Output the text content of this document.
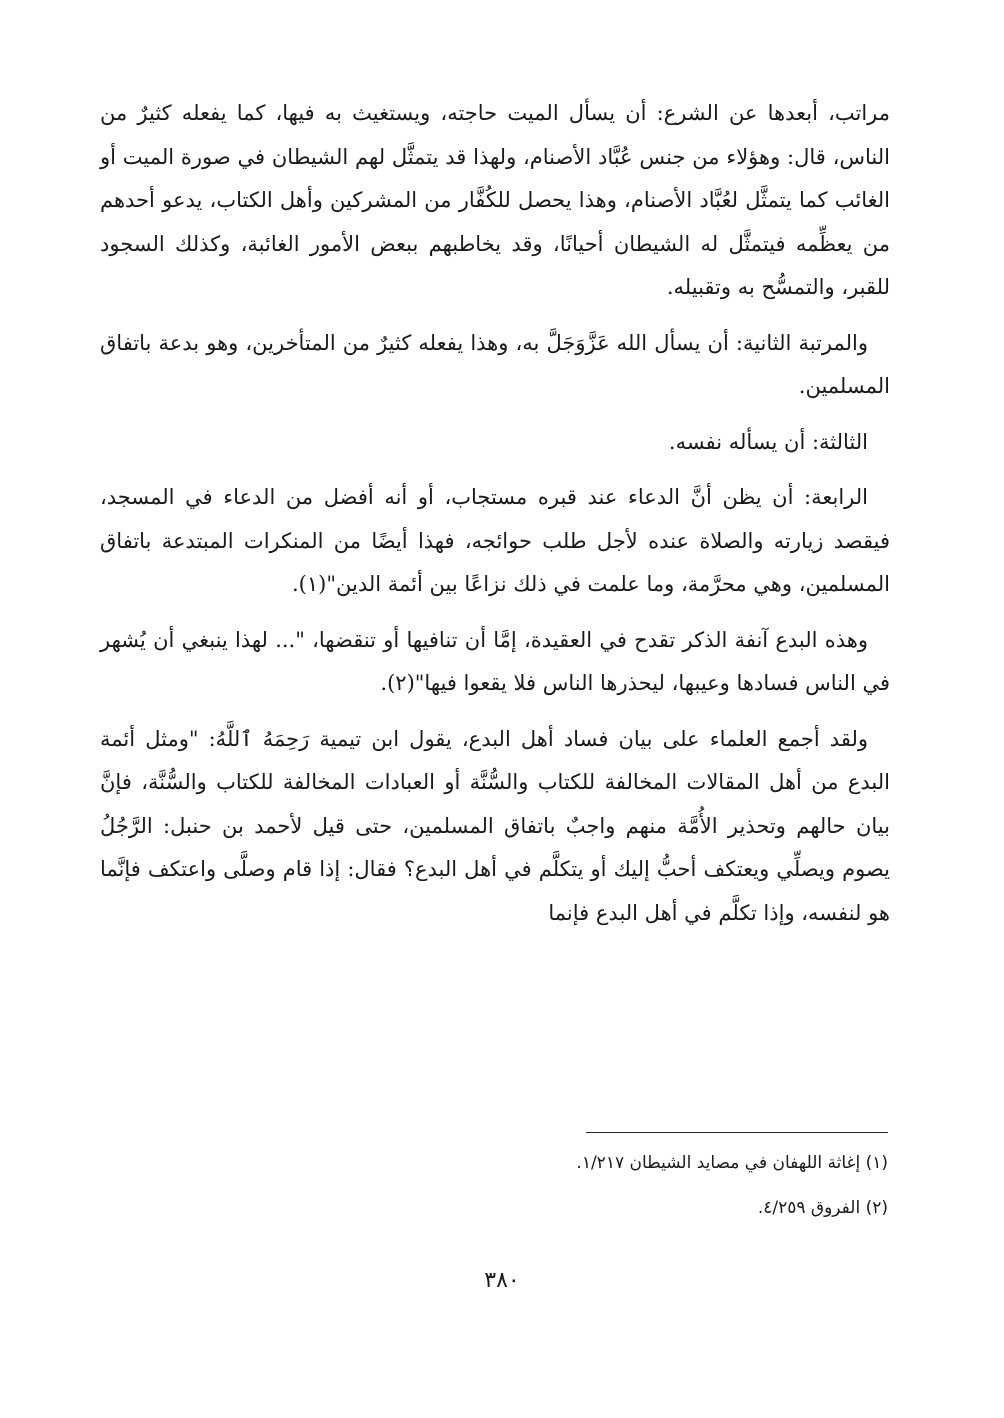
مراتب، أبعدها عن الشرع: أن يسأل الميت حاجته، ويستغيث به فيها، كما يفعله كثيرٌ من الناس، قال: وهؤلاء من جنس عُبَّاد الأصنام، ولهذا قد يتمثَّل لهم الشيطان في صورة الميت أو الغائب كما يتمثَّل لعُبَّاد الأصنام، وهذا يحصل للكُفَّار من المشركين وأهل الكتاب، يدعو أحدهم من يعظِّمه فيتمثَّل له الشيطان أحيانًا، وقد يخاطبهم ببعض الأمور الغائبة، وكذلك السجود للقبر، والتمسُّح به وتقبيله.

والمرتبة الثانية: أن يسأل الله عَزَّوَجَلَّ به، وهذا يفعله كثيرٌ من المتأخرين، وهو بدعة باتفاق المسلمين.

الثالثة: أن يسأله نفسه.

الرابعة: أن يظن أنَّ الدعاء عند قبره مستجاب، أو أنه أفضل من الدعاء في المسجد، فيقصد زيارته والصلاة عنده لأجل طلب حوائجه، فهذا أيضًا من المنكرات المبتدعة باتفاق المسلمين، وهي محرَّمة، وما علمت في ذلك نزاعًا بين أئمة الدين"(١).

وهذه البدع آنفة الذكر تقدح في العقيدة، إمَّا أن تنافيها أو تنقضها، "... لهذا ينبغي أن يُشهر في الناس فسادها وعيبها، ليحذرها الناس فلا يقعوا فيها"(٢).

ولقد أجمع العلماء على بيان فساد أهل البدع، يقول ابن تيمية رَحِمَهُ ٱللَّهُ: "ومثل أئمة البدع من أهل المقالات المخالفة للكتاب والسُّنَّة أو العبادات المخالفة للكتاب والسُّنَّة، فإنَّ بيان حالهم وتحذير الأُمَّة منهم واجبٌ باتفاق المسلمين، حتى قيل لأحمد بن حنبل: الرَّجُلُ يصوم ويصلِّي ويعتكف أحبُّ إليك أو يتكلَّم في أهل البدع؟ فقال: إذا قام وصلَّى واعتكف فإنَّما هو لنفسه، وإذا تكلَّم في أهل البدع فإنما

(١) إغاثة اللهفان في مصايد الشيطان ١/٢١٧.
(٢) الفروق ٤/٢٥٩.
٣٨٠
